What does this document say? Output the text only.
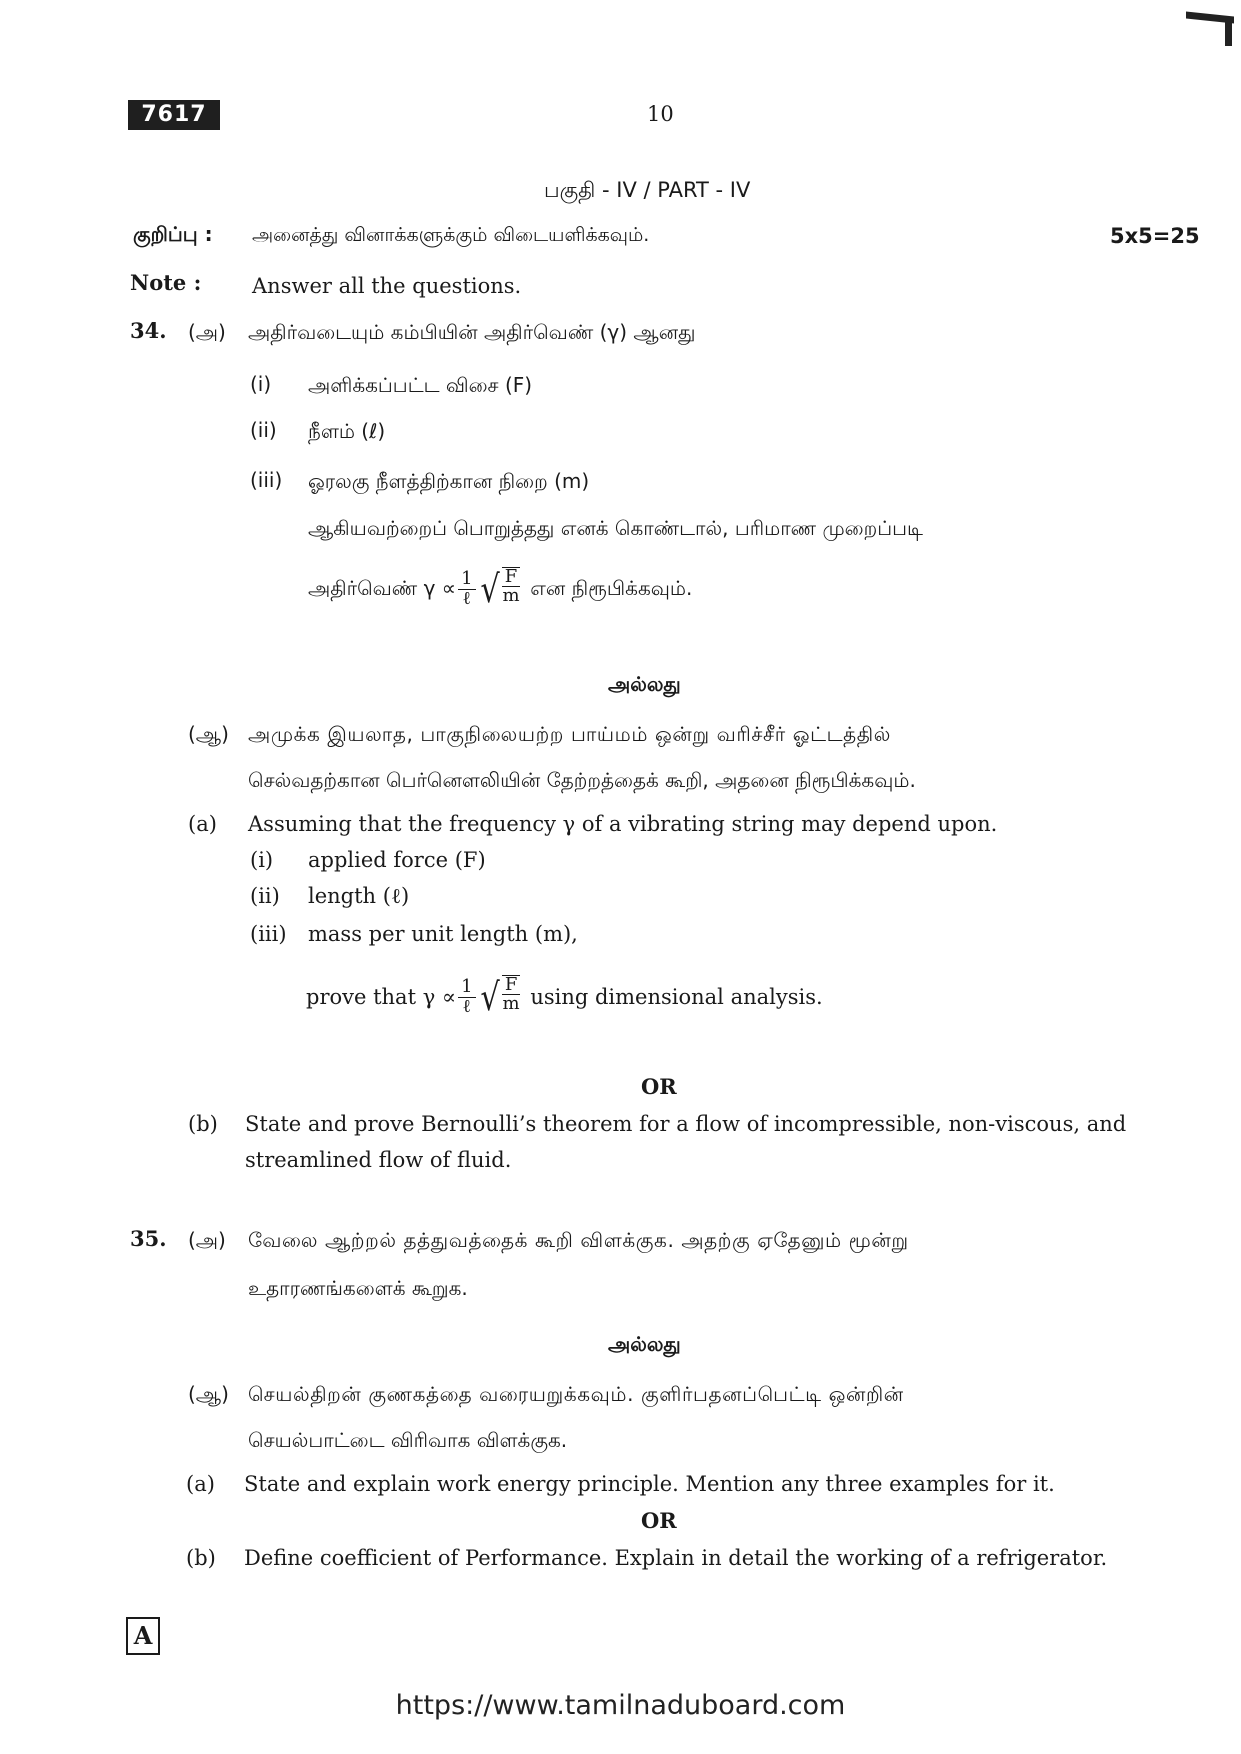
7617	10
பகுதி - IV / PART - IV
குறிப்பு : அனைத்து வினாக்களுக்கும் விடையளிக்கவும்.	5x5=25
Note : Answer all the questions.
34. (அ) அதிர்வடையும் கம்பியின் அதிர்வெண் (γ) ஆனது
(i) அளிக்கப்பட்ட விசை (F)
(ii) நீளம் (ℓ)
(iii) ஓரலகு நீளத்திற்கான நிறை (m)
ஆகியவற்றைப் பொறுத்தது எனக் கொண்டால், பரிமாண முறைப்படி
அதிர்வெண் $\gamma \propto \frac{1}{\text{ℓ}}$ √ $\frac{F}{m}$ என நிரூபிக்கவும்.
அல்லது
(ஆ) அமுக்க இயலாத, பாகுநிலையற்ற பாய்மம் ஒன்று வரிச்சீர் ஓட்டத்தில்
செல்வதற்கான பெர்னௌலியின் தேற்றத்தைக் கூறி, அதனை நிரூபிக்கவும்.
(a) Assuming that the frequency γ of a vibrating string may depend upon.
(i) applied force (F)
(ii) length (ℓ)
(iii) mass per unit length (m),
prove that $\gamma \propto \frac{1}{\text{ℓ}}$ √ $\frac{F}{m}$ using dimensional analysis.
OR
(b) State and prove Bernoulli’s theorem for a flow of incompressible, non-viscous, and
streamlined flow of fluid.
35. (அ) வேலை ஆற்றல் தத்துவத்தைக் கூறி விளக்குக. அதற்கு ஏதேனும் மூன்று
உதாரணங்களைக் கூறுக.
அல்லது
(ஆ) செயல்திறன் குணகத்தை வரையறுக்கவும். குளிர்பதனப்பெட்டி ஒன்றின்
செயல்பாட்டை விரிவாக விளக்குக.
(a) State and explain work energy principle. Mention any three examples for it.
OR
(b) Define coefficient of Performance. Explain in detail the working of a refrigerator.
A
https://www.tamilnaduboard.com
